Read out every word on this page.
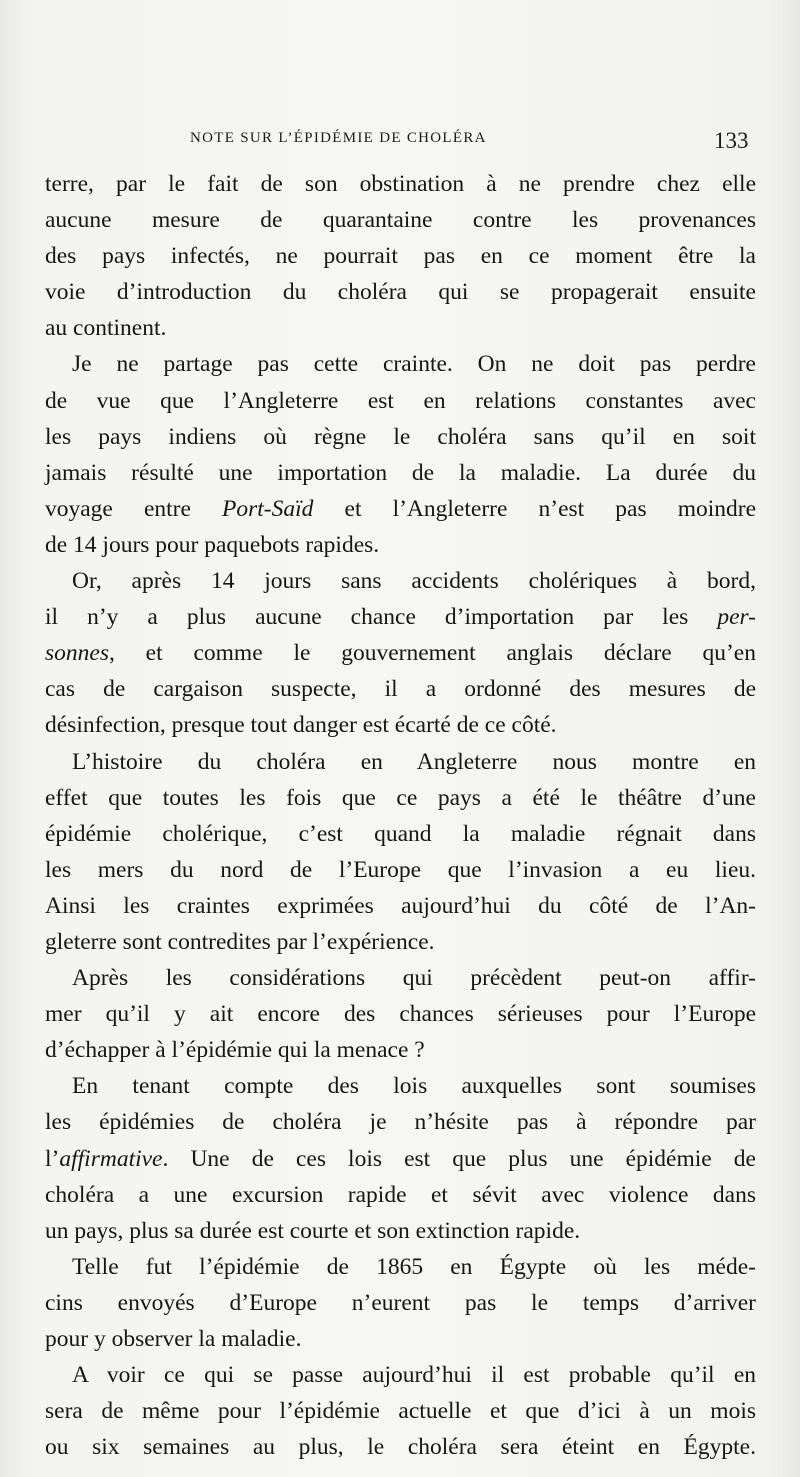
NOTE SUR L’ÉPIDÉMIE DE CHOLÉRA	133
terre, par le fait de son obstination à ne prendre chez elle
aucune mesure de quarantaine contre les provenances
des pays infectés, ne pourrait pas en ce moment être la
voie d’introduction du choléra qui se propagerait ensuite
au continent.
Je ne partage pas cette crainte. On ne doit pas perdre
de vue que l’Angleterre est en relations constantes avec
les pays indiens où règne le choléra sans qu’il en soit
jamais résulté une importation de la maladie. La durée du
voyage entre Port-Saïd et l’Angleterre n’est pas moindre
de 14 jours pour paquebots rapides.
Or, après 14 jours sans accidents cholériques à bord,
il n’y a plus aucune chance d’importation par les per-
sonnes, et comme le gouvernement anglais déclare qu’en
cas de cargaison suspecte, il a ordonné des mesures de
désinfection, presque tout danger est écarté de ce côté.
L’histoire du choléra en Angleterre nous montre en
effet que toutes les fois que ce pays a été le théâtre d’une
épidémie cholérique, c’est quand la maladie régnait dans
les mers du nord de l’Europe que l’invasion a eu lieu.
Ainsi les craintes exprimées aujourd’hui du côté de l’An-
gleterre sont contredites par l’expérience.
Après les considérations qui précèdent peut-on affir-
mer qu’il y ait encore des chances sérieuses pour l’Europe
d’échapper à l’épidémie qui la menace ?
En tenant compte des lois auxquelles sont soumises
les épidémies de choléra je n’hésite pas à répondre par
l’affirmative. Une de ces lois est que plus une épidémie de
choléra a une excursion rapide et sévit avec violence dans
un pays, plus sa durée est courte et son extinction rapide.
Telle fut l’épidémie de 1865 en Égypte où les méde-
cins envoyés d’Europe n’eurent pas le temps d’arriver
pour y observer la maladie.
A voir ce qui se passe aujourd’hui il est probable qu’il en
sera de même pour l’épidémie actuelle et que d’ici à un mois
ou six semaines au plus, le choléra sera éteint en Égypte.
